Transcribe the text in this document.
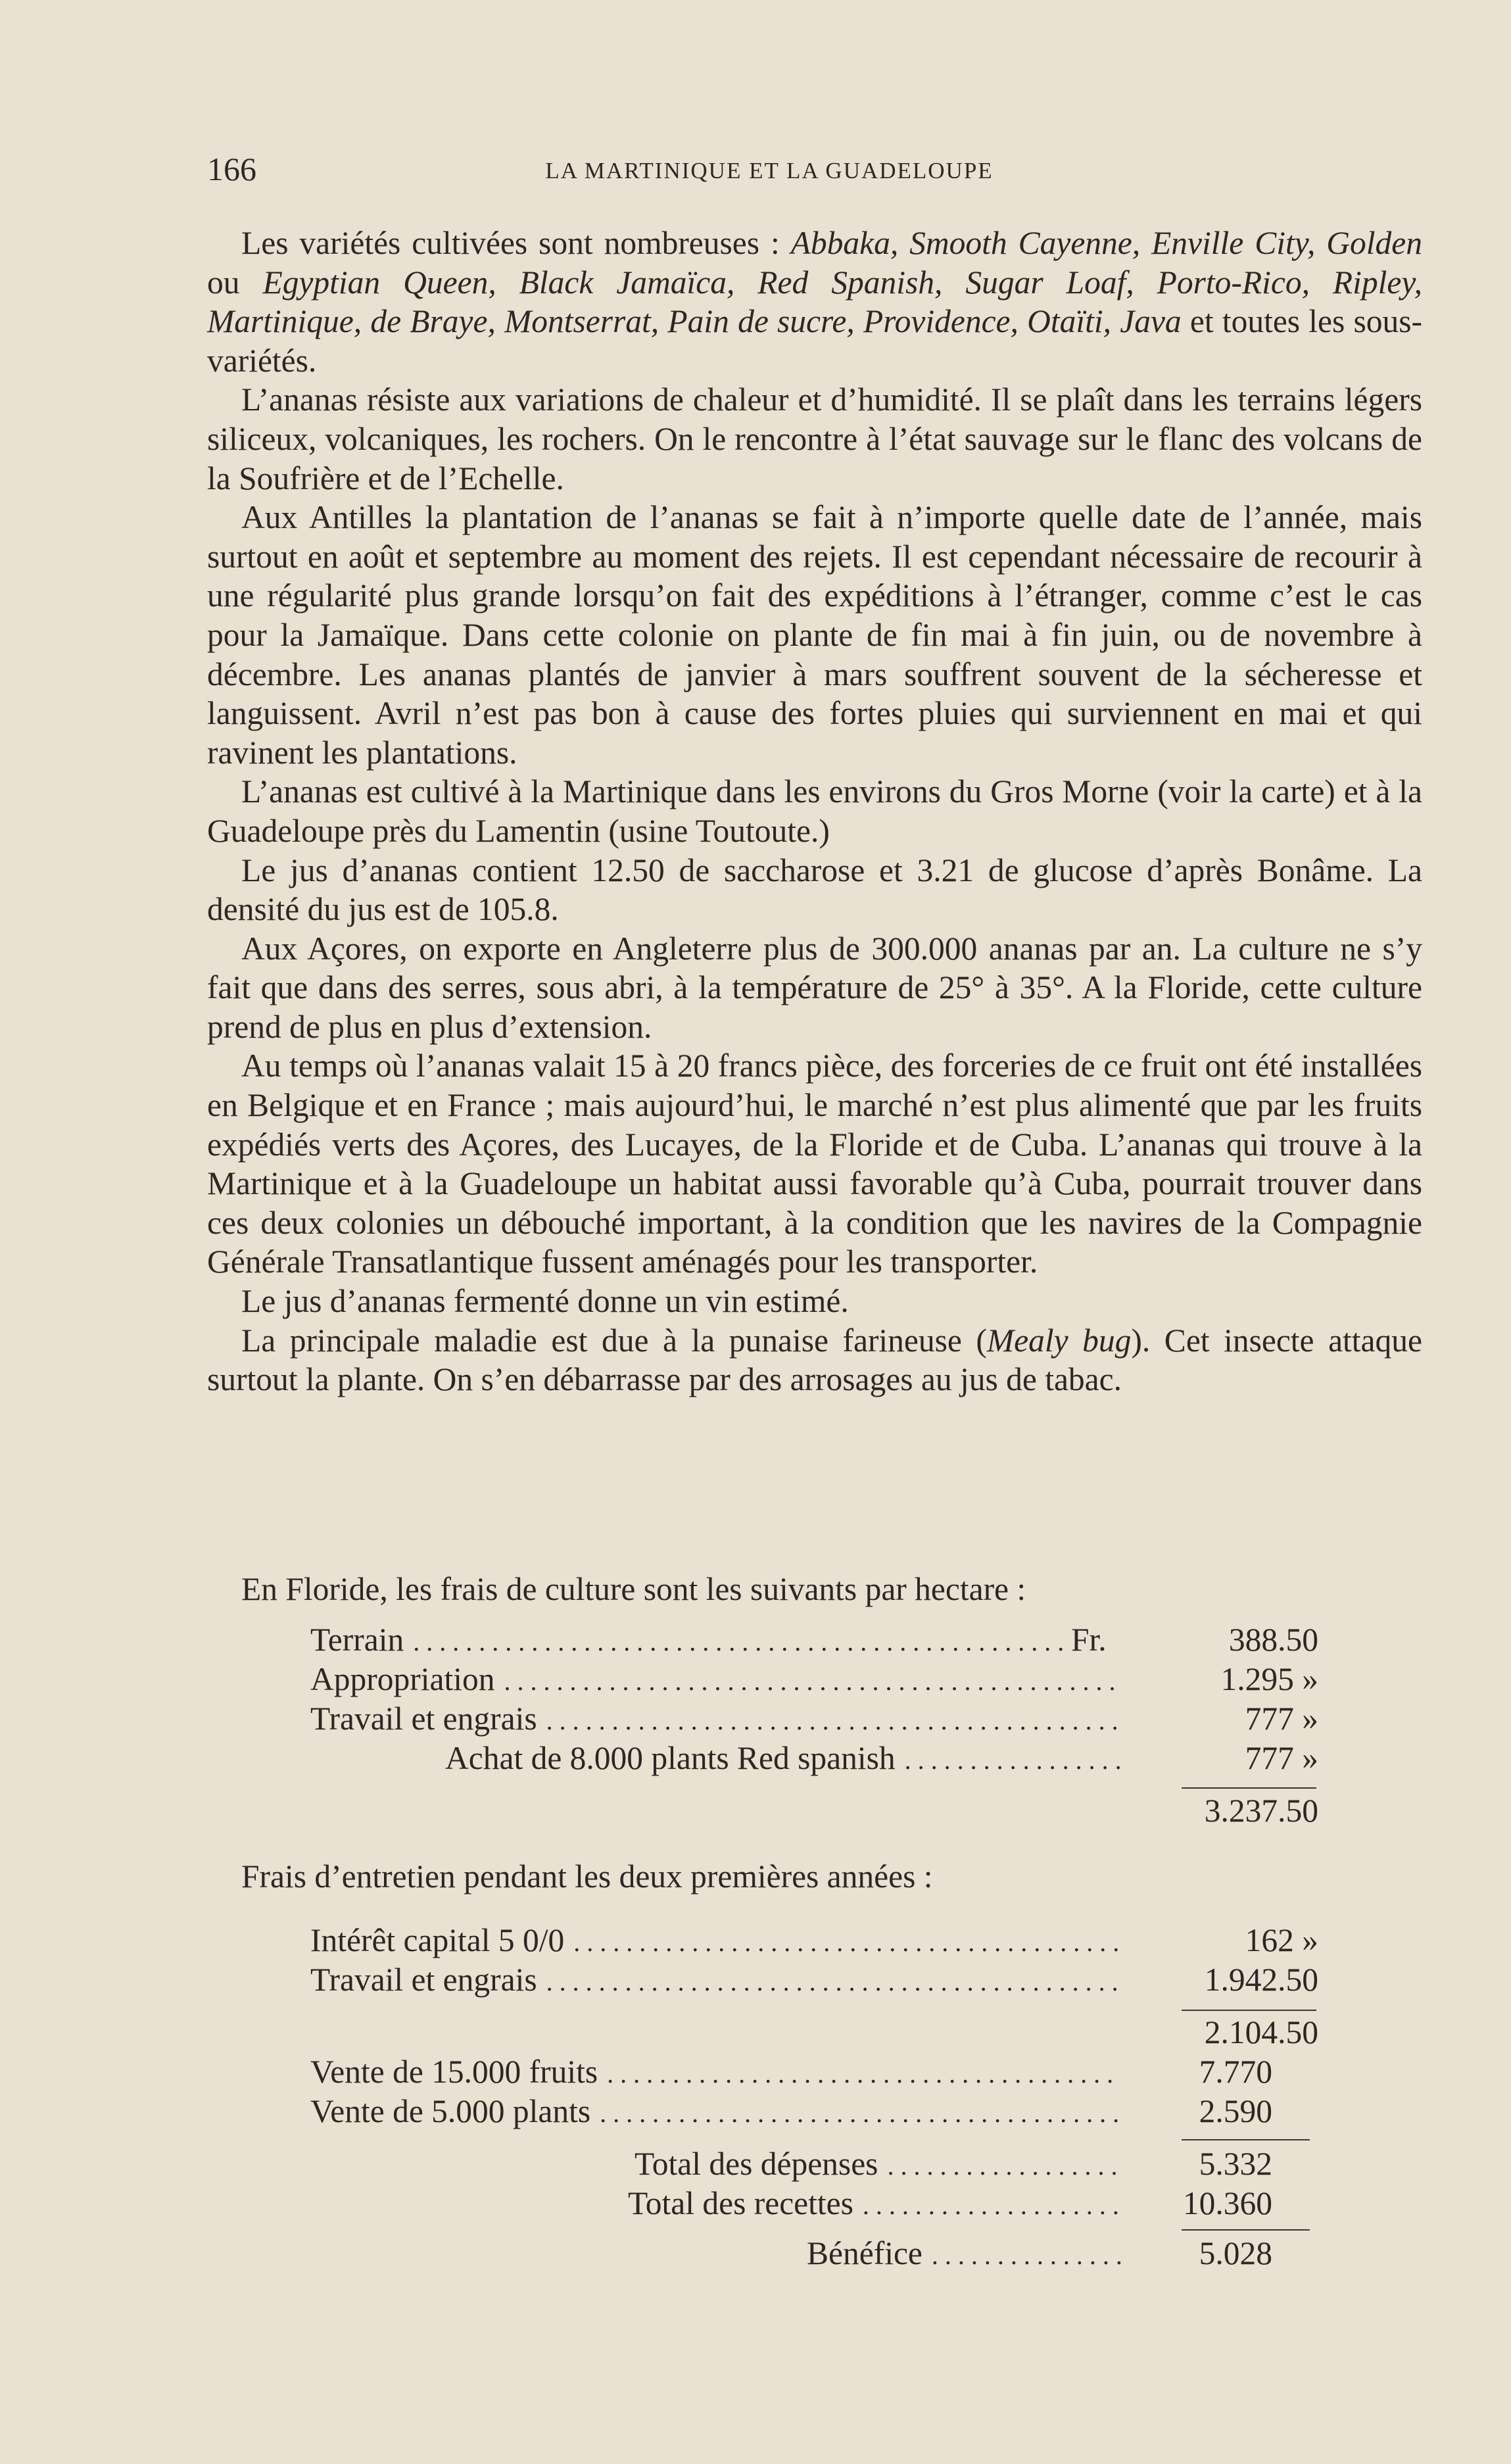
166	LA MARTINIQUE ET LA GUADELOUPE

Les variétés cultivées sont nombreuses : Abbaka, Smooth Cayenne, Enville City, Golden ou Egyptian Queen, Black Jamaïca, Red Spanish, Sugar Loaf, Porto-Rico, Ripley, Martinique, de Braye, Montserrat, Pain de sucre, Providence, Otaïti, Java et toutes les sous-variétés.

L’ananas résiste aux variations de chaleur et d’humidité. Il se plaît dans les terrains légers siliceux, volcaniques, les rochers. On le rencontre à l’état sauvage sur le flanc des volcans de la Soufrière et de l’Echelle.

Aux Antilles la plantation de l’ananas se fait à n’importe quelle date de l’année, mais surtout en août et septembre au moment des rejets. Il est cependant nécessaire de recourir à une régularité plus grande lorsqu’on fait des expéditions à l’étranger, comme c’est le cas pour la Jamaïque. Dans cette colonie on plante de fin mai à fin juin, ou de novembre à décembre. Les ananas plantés de janvier à mars souffrent souvent de la sécheresse et languissent. Avril n’est pas bon à cause des fortes pluies qui surviennent en mai et qui ravinent les plantations.

L’ananas est cultivé à la Martinique dans les environs du Gros Morne (voir la carte) et à la Guadeloupe près du Lamentin (usine Toutoute.)

Le jus d’ananas contient 12.50 de saccharose et 3.21 de glucose d’après Bonâme. La densité du jus est de 105.8.

Aux Açores, on exporte en Angleterre plus de 300.000 ananas par an. La culture ne s’y fait que dans des serres, sous abri, à la température de 25° à 35°. A la Floride, cette culture prend de plus en plus d’extension.

Au temps où l’ananas valait 15 à 20 francs pièce, des forceries de ce fruit ont été installées en Belgique et en France ; mais aujourd’hui, le marché n’est plus alimenté que par les fruits expédiés verts des Açores, des Lucayes, de la Floride et de Cuba. L’ananas qui trouve à la Martinique et à la Guadeloupe un habitat aussi favorable qu’à Cuba, pourrait trouver dans ces deux colonies un débouché important, à la condition que les navires de la Compagnie Générale Transatlantique fussent aménagés pour les transporter.

Le jus d’ananas fermenté donne un vin estimé.

La principale maladie est due à la punaise farineuse (Mealy bug). Cet insecte attaque surtout la plante. On s’en débarrasse par des arrosages au jus de tabac.

En Floride, les frais de culture sont les suivants par hectare :
Terrain . . .	Fr.	388.50
Appropriation . . .	1.295 »
Travail et engrais . . .	777 »
Achat de 8.000 plants Red spanish . . .	777 »
3.237.50
Frais d’entretien pendant les deux premières années :
Intérêt capital 5 0/0 . . .	162 »
Travail et engrais . . .	1.942.50
2.104.50
Vente de 15.000 fruits . . .	7.770
Vente de 5.000 plants . . .	2.590
Total des dépenses . . .	5.332
Total des recettes . . .	10.360
Bénéfice . . .	5.028
